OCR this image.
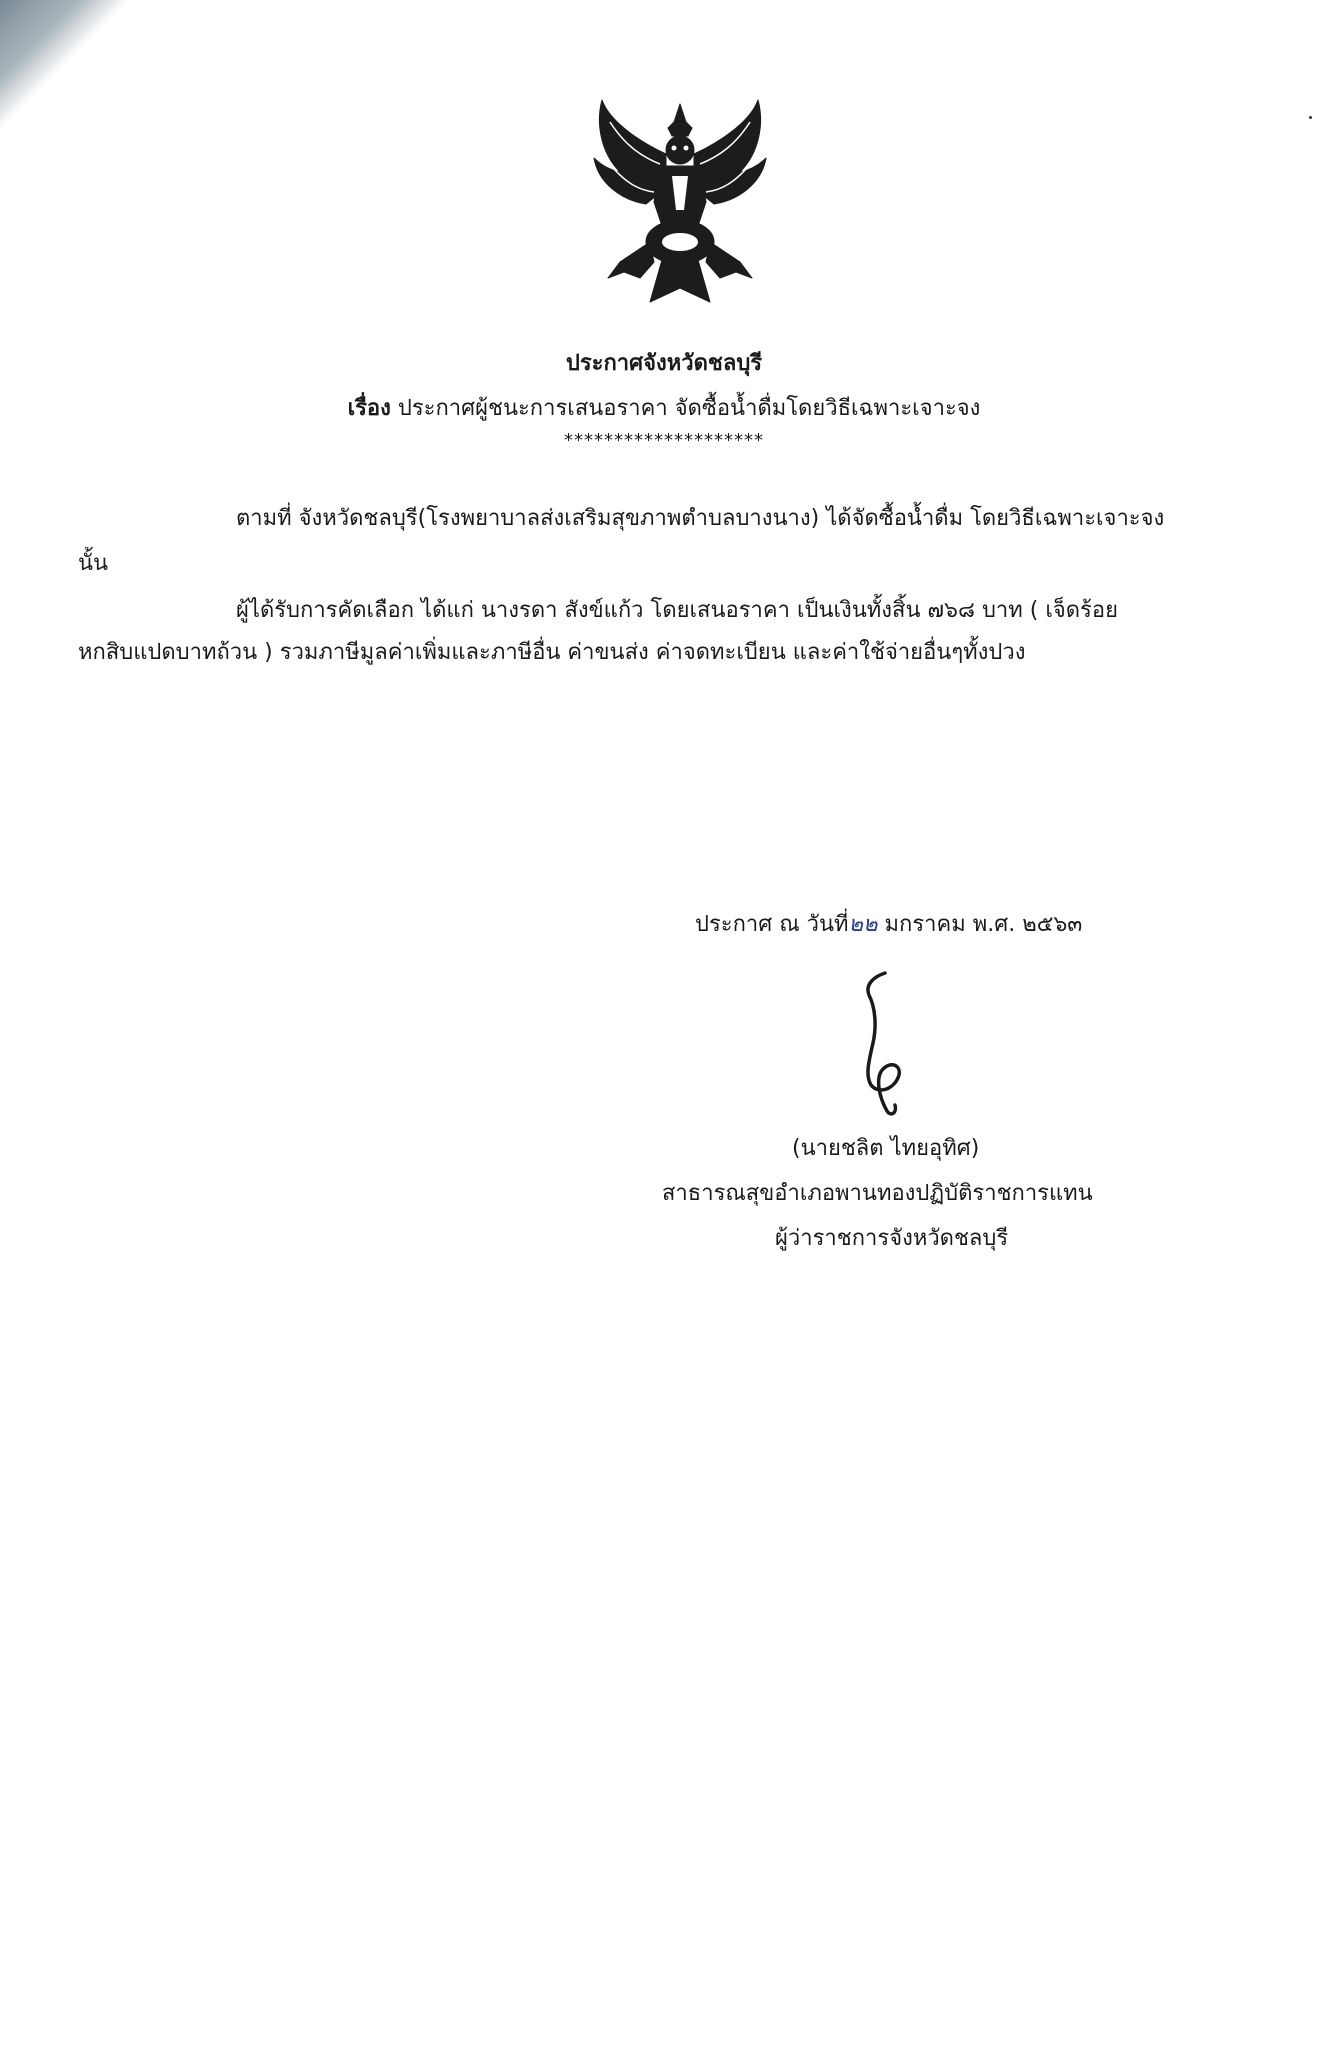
ประกาศจังหวัดชลบุรี
เรื่อง ประกาศผู้ชนะการเสนอราคา จัดซื้อน้ำดื่มโดยวิธีเฉพาะเจาะจง
********************
ตามที่ จังหวัดชลบุรี(โรงพยาบาลส่งเสริมสุขภาพตำบลบางนาง) ได้จัดซื้อน้ำดื่ม โดยวิธีเฉพาะเจาะจง
นั้น
ผู้ได้รับการคัดเลือก ได้แก่ นางรดา สังข์แก้ว โดยเสนอราคา เป็นเงินทั้งสิ้น ๗๖๘ บาท ( เจ็ดร้อย
หกสิบแปดบาทถ้วน ) รวมภาษีมูลค่าเพิ่มและภาษีอื่น ค่าขนส่ง ค่าจดทะเบียน และค่าใช้จ่ายอื่นๆทั้งปวง
ประกาศ ณ วันที่๒๒ มกราคม พ.ศ. ๒๕๖๓
(นายชลิต ไทยอุทิศ)
สาธารณสุขอำเภอพานทองปฏิบัติราชการแทน
ผู้ว่าราชการจังหวัดชลบุรี
